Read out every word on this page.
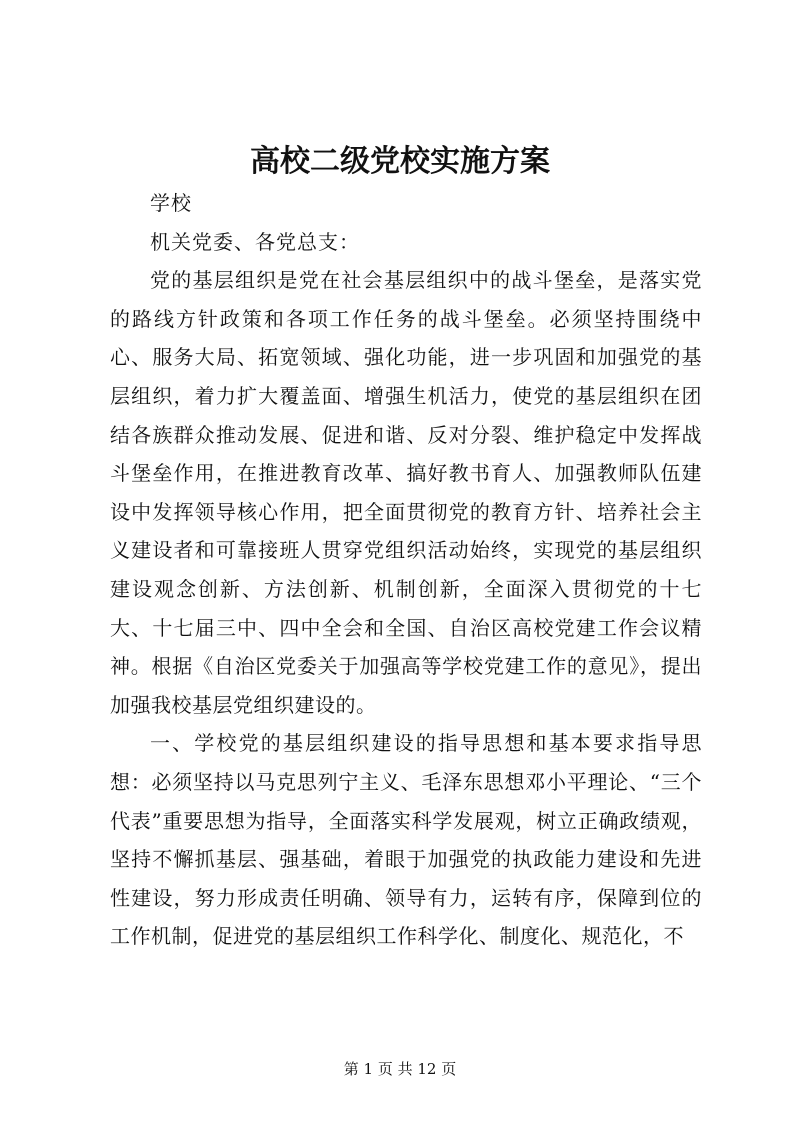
高校二级党校实施方案

学校

机关党委、各党总支：

党的基层组织是党在社会基层组织中的战斗堡垒，是落实党的路线方针政策和各项工作任务的战斗堡垒。必须坚持围绕中心、服务大局、拓宽领域、强化功能，进一步巩固和加强党的基层组织，着力扩大覆盖面、增强生机活力，使党的基层组织在团结各族群众推动发展、促进和谐、反对分裂、维护稳定中发挥战斗堡垒作用，在推进教育改革、搞好教书育人、加强教师队伍建设中发挥领导核心作用，把全面贯彻党的教育方针、培养社会主义建设者和可靠接班人贯穿党组织活动始终，实现党的基层组织建设观念创新、方法创新、机制创新，全面深入贯彻党的十七大、十七届三中、四中全会和全国、自治区高校党建工作会议精神。根据《自治区党委关于加强高等学校党建工作的意见》，提出加强我校基层党组织建设的。

一、学校党的基层组织建设的指导思想和基本要求指导思想：必须坚持以马克思列宁主义、毛泽东思想邓小平理论、“三个代表”重要思想为指导，全面落实科学发展观，树立正确政绩观，坚持不懈抓基层、强基础，着眼于加强党的执政能力建设和先进性建设，努力形成责任明确、领导有力，运转有序，保障到位的工作机制，促进党的基层组织工作科学化、制度化、规范化，不

第 1 页 共 12 页
